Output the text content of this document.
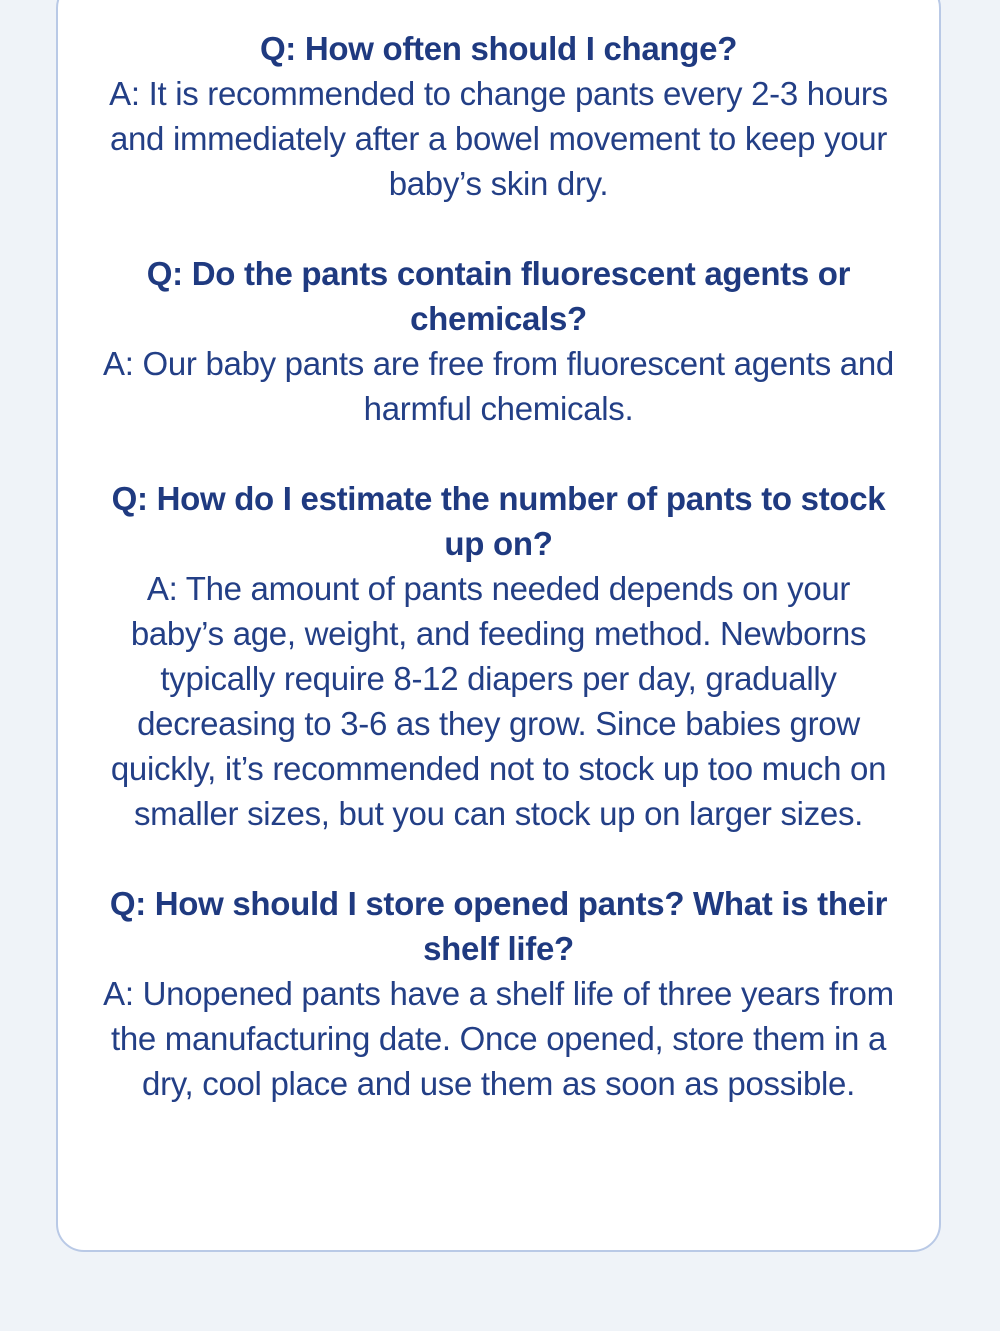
Q: How often should I change?
A: It is recommended to change pants every 2-3 hours and immediately after a bowel movement to keep your baby’s skin dry.
Q: Do the pants contain fluorescent agents or chemicals?
A: Our baby pants are free from fluorescent agents and harmful chemicals.
Q: How do I estimate the number of pants to stock up on?
A: The amount of pants needed depends on your baby’s age, weight, and feeding method. Newborns typically require 8-12 diapers per day, gradually decreasing to 3-6 as they grow. Since babies grow quickly, it’s recommended not to stock up too much on smaller sizes, but you can stock up on larger sizes.
Q: How should I store opened pants? What is their shelf life?
A: Unopened pants have a shelf life of three years from the manufacturing date. Once opened, store them in a dry, cool place and use them as soon as possible.
